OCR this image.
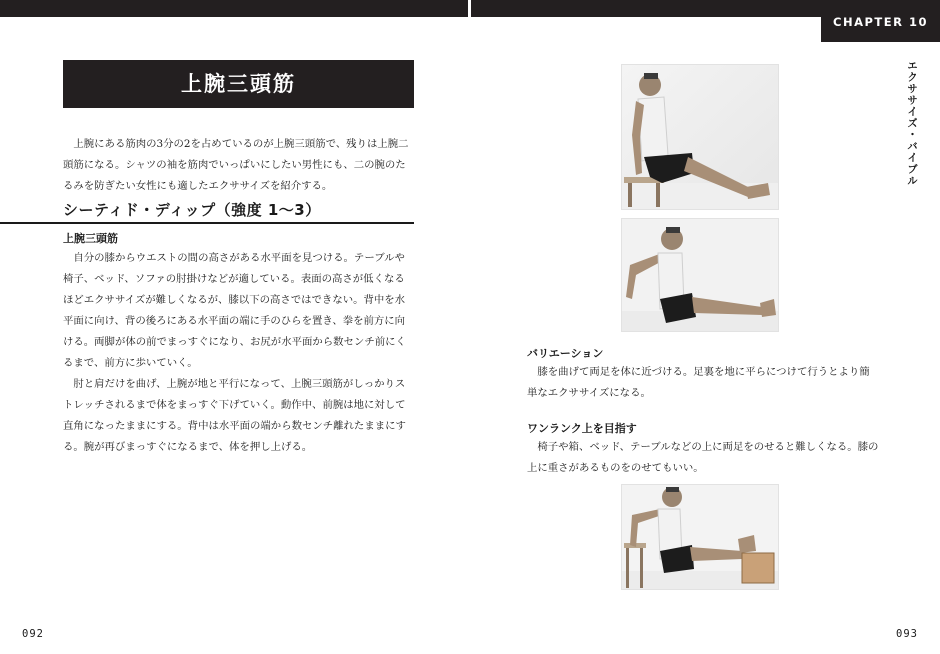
CHAPTER 10
エクササイズ・バイブル
上腕三頭筋

上腕にある筋肉の3分の2を占めているのが上腕三頭筋で、残りは上腕二頭筋になる。シャツの袖を筋肉でいっぱいにしたい男性にも、二の腕のたるみを防ぎたい女性にも適したエクササイズを紹介する。

シーティド・ディップ（強度 1〜3）
上腕三頭筋

自分の膝からウエストの間の高さがある水平面を見つける。テーブルや椅子、ベッド、ソファの肘掛けなどが適している。表面の高さが低くなるほどエクササイズが難しくなるが、膝以下の高さではできない。背中を水平面に向け、背の後ろにある水平面の端に手のひらを置き、拳を前方に向ける。両脚が体の前でまっすぐになり、お尻が水平面から数センチ前にくるまで、前方に歩いていく。

肘と肩だけを曲げ、上腕が地と平行になって、上腕三頭筋がしっかりストレッチされるまで体をまっすぐ下げていく。動作中、前腕は地に対して直角になったままにする。背中は水平面の端から数センチ離れたままにする。腕が再びまっすぐになるまで、体を押し上げる。

092
バリエーション

膝を曲げて両足を体に近づける。足裏を地に平らにつけて行うとより簡単なエクササイズになる。

ワンランク上を目指す

椅子や箱、ベッド、テーブルなどの上に両足をのせると難しくなる。膝の上に重さがあるものをのせてもいい。

093
